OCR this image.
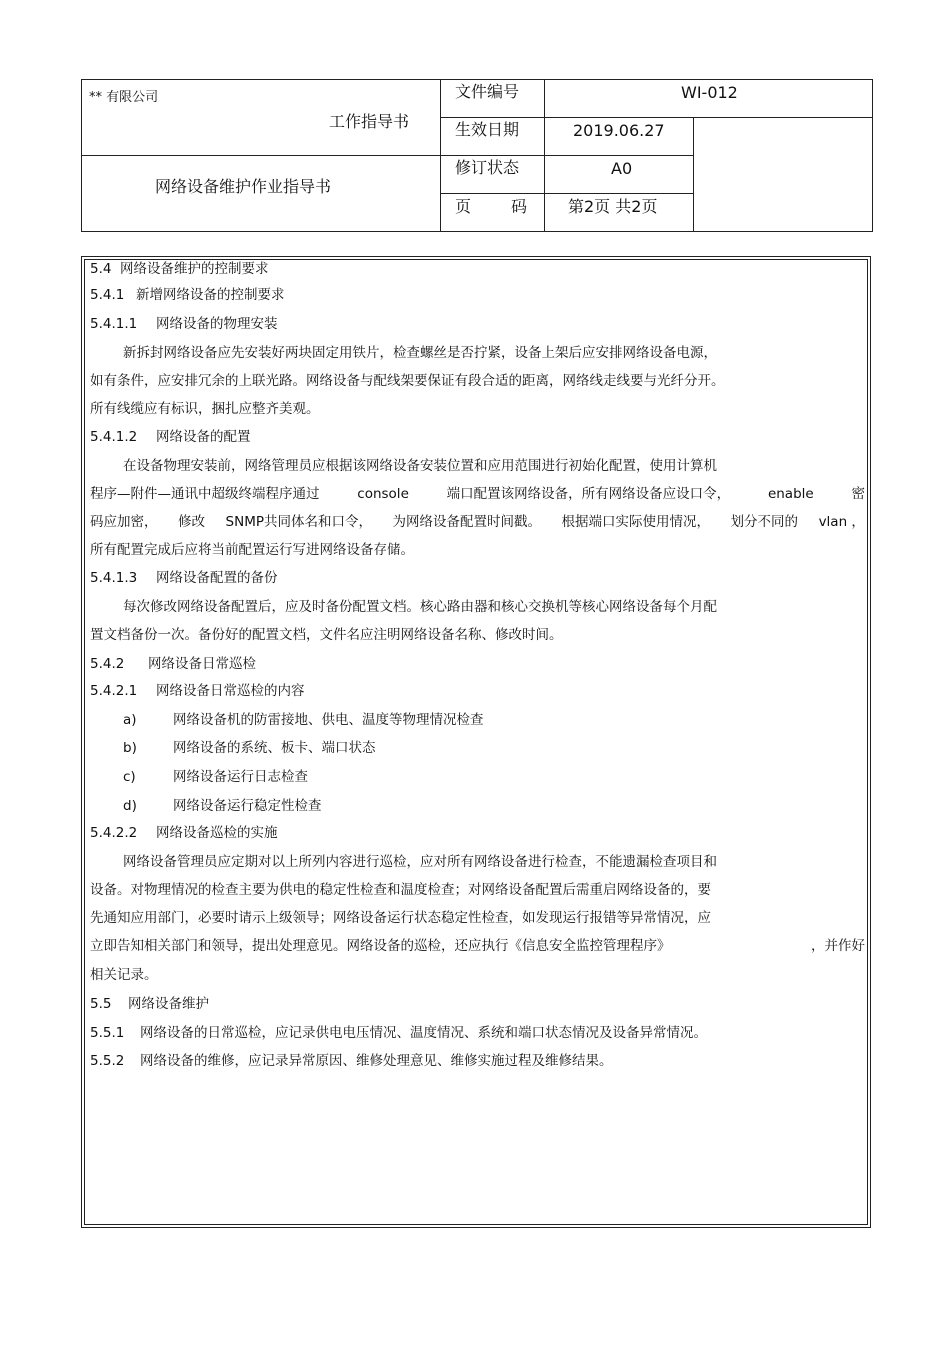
** 有限公司
工作指导书
网络设备维护作业指导书
文件编号	WI-012
生效日期	2019.06.27
修订状态	A0
页 码	第2页 共2页
5.4 网络设备维护的控制要求
5.4.1 新增网络设备的控制要求
5.4.1.1 网络设备的物理安装
新拆封网络设备应先安装好两块固定用铁片，检查螺丝是否拧紧，设备上架后应安排网络设备电源，
如有条件，应安排冗余的上联光路。网络设备与配线架要保证有段合适的距离，网络线走线要与光纤分开。
所有线缆应有标识，捆扎应整齐美观。
5.4.1.2 网络设备的配置
在设备物理安装前，网络管理员应根据该网络设备安装位置和应用范围进行初始化配置，使用计算机
程序—附件—通讯中超级终端程序通过	console	端口配置该网络设备，所有网络设备应设口令，	enable	密
码应加密， 修改 SNMP共同体名和口令， 为网络设备配置时间戳。 根据端口实际使用情况， 划分不同的 vlan ，
所有配置完成后应将当前配置运行写进网络设备存储。
5.4.1.3 网络设备配置的备份
每次修改网络设备配置后，应及时备份配置文档。核心路由器和核心交换机等核心网络设备每个月配
置文档备份一次。备份好的配置文档，文件名应注明网络设备名称、修改时间。
5.4.2 网络设备日常巡检
5.4.2.1 网络设备日常巡检的内容
a)	网络设备机的防雷接地、供电、温度等物理情况检查
b)	网络设备的系统、板卡、端口状态
c)	网络设备运行日志检查
d)	网络设备运行稳定性检查
5.4.2.2 网络设备巡检的实施
网络设备管理员应定期对以上所列内容进行巡检，应对所有网络设备进行检查，不能遗漏检查项目和
设备。对物理情况的检查主要为供电的稳定性检查和温度检查；对网络设备配置后需重启网络设备的，要
先通知应用部门，必要时请示上级领导；网络设备运行状态稳定性检查，如发现运行报错等异常情况，应
立即告知相关部门和领导，提出处理意见。网络设备的巡检，还应执行《信息安全监控管理程序》	，并作好
相关记录。
5.5 网络设备维护
5.5.1 网络设备的日常巡检，应记录供电电压情况、温度情况、系统和端口状态情况及设备异常情况。
5.5.2 网络设备的维修，应记录异常原因、维修处理意见、维修实施过程及维修结果。
